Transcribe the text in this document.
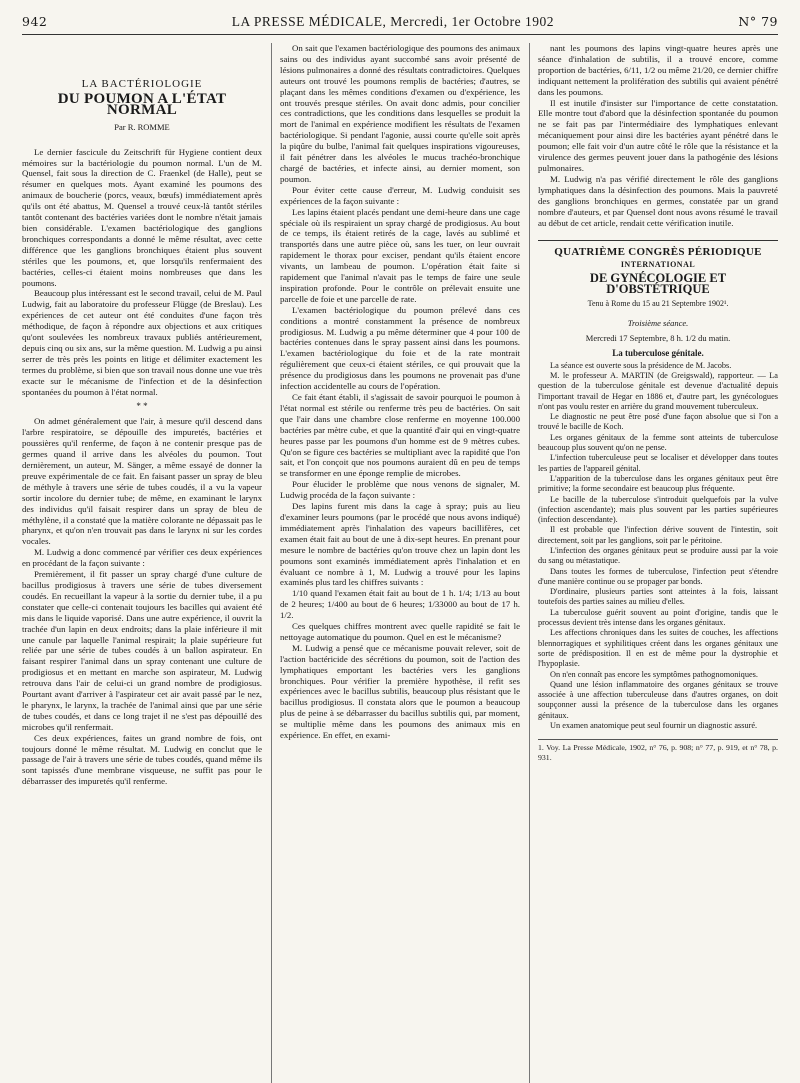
942	LA PRESSE MÉDICALE, Mercredi, 1er Octobre 1902	N° 79
LA BACTÉRIOLOGIE
DU POUMON A L'ÉTAT NORMAL
Par R. ROMME

Le dernier fascicule du Zeitschrift für Hygiene contient deux mémoires sur la bactériologie du poumon normal. L'un de M. Quensel, fait sous la direction de C. Fraenkel (de Halle), peut se résumer en quelques mots. Ayant examiné les poumons des animaux de boucherie (porcs, veaux, bœufs) immédiatement après qu'ils ont été abattus, M. Quensel a trouvé ceux-là tantôt stériles tantôt contenant des bactéries variées dont le nombre n'était jamais bien considérable. L'examen bactériologique des ganglions bronchiques correspondants a donné le même résultat, avec cette différence que les ganglions bronchiques étaient plus souvent stériles que les poumons, et, que lorsqu'ils renfermaient des bactéries, celles-ci étaient moins nombreuses que dans les poumons.

Beaucoup plus intéressant est le second travail, celui de M. Paul Ludwig, fait au laboratoire du professeur Flügge (de Breslau). Les expériences de cet auteur ont été conduites d'une façon très méthodique, de façon à répondre aux objections et aux critiques qu'ont soulevées les nombreux travaux publiés antérieurement, depuis cinq ou six ans, sur la même question. M. Ludwig a pu ainsi serrer de très près les points en litige et délimiter exactement les termes du problème, si bien que son travail nous donne une vue très exacte sur le mécanisme de l'infection et de la désinfection spontanées du poumon à l'état normal.

* *

On admet généralement que l'air, à mesure qu'il descend dans l'arbre respiratoire, se dépouille des impuretés, bactéries et poussières qu'il renferme, de façon à ne contenir presque pas de germes quand il arrive dans les alvéoles du poumon. Tout dernièrement, un auteur, M. Sänger, a même essayé de donner la preuve expérimentale de ce fait. En faisant passer un spray de bleu de méthyle à travers une série de tubes coudés, il a vu la vapeur sortir incolore du dernier tube; de même, en examinant le larynx des individus qu'il faisait respirer dans un spray de bleu de méthylène, il a constaté que la matière colorante ne dépassait pas le pharynx, et qu'on n'en trouvait pas dans le larynx ni sur les cordes vocales.

M. Ludwig a donc commencé par vérifier ces deux expériences en procédant de la façon suivante :

Premièrement, il fit passer un spray chargé d'une culture de bacillus prodigiosus à travers une série de tubes diversement coudés. En recueillant la vapeur à la sortie du dernier tube, il a pu constater que celle-ci contenait toujours les bacilles qui avaient été mis dans le liquide vaporisé. Dans une autre expérience, il ouvrit la trachée d'un lapin en deux endroits; dans la plaie inférieure il mit une canule par laquelle l'animal respirait; la plaie supérieure fut reliée par une série de tubes coudés à un ballon aspirateur. En faisant respirer l'animal dans un spray contenant une culture de prodigiosus et en mettant en marche son aspirateur, M. Ludwig retrouva dans l'air de celui-ci un grand nombre de prodigiosus. Pourtant avant d'arriver à l'aspirateur cet air avait passé par le nez, le pharynx, le larynx, la trachée de l'animal ainsi que par une série de tubes coudés, et dans ce long trajet il ne s'est pas dépouillé des microbes qu'il renfermait.

Ces deux expériences, faites un grand nombre de fois, ont toujours donné le même résultat. M. Ludwig en conclut que le passage de l'air à travers une série de tubes coudés, quand même ils sont tapissés d'une membrane visqueuse, ne suffit pas pour le débarrasser des impuretés qu'il renferme.

On sait que l'examen bactériologique des poumons des animaux sains ou des individus ayant succombé sans avoir présenté de lésions pulmonaires a donné des résultats contradictoires. Quelques auteurs ont trouvé les poumons remplis de bactéries; d'autres, se plaçant dans les mêmes conditions d'examen ou d'expérience, les ont trouvés presque stériles. On avait donc admis, pour concilier ces contradictions, que les conditions dans lesquelles se produit la mort de l'animal en expérience modifient les résultats de l'examen bactériologique. Si pendant l'agonie, aussi courte qu'elle soit après la piqûre du bulbe, l'animal fait quelques inspirations vigoureuses, il fait pénétrer dans les alvéoles le mucus trachéo-bronchique chargé de bactéries, et infecte ainsi, au dernier moment, son poumon.

Pour éviter cette cause d'erreur, M. Ludwig conduisit ses expériences de la façon suivante :

Les lapins étaient placés pendant une demi-heure dans une cage spéciale où ils respiraient un spray chargé de prodigiosus. Au bout de ce temps, ils étaient retirés de la cage, lavés au sublimé et transportés dans une autre pièce où, sans les tuer, on leur ouvrait rapidement le thorax pour exciser, pendant qu'ils étaient encore vivants, un lambeau de poumon. L'opération était faite si rapidement que l'animal n'avait pas le temps de faire une seule inspiration profonde. Pour le contrôle on prélevait ensuite une parcelle de foie et une parcelle de rate.

L'examen bactériologique du poumon prélevé dans ces conditions a montré constamment la présence de nombreux prodigiosus. M. Ludwig a pu même déterminer que 4 pour 100 de bactéries contenues dans le spray passent ainsi dans les poumons. L'examen bactériologique du foie et de la rate montrait régulièrement que ceux-ci étaient stériles, ce qui prouvait que la présence du prodigiosus dans les poumons ne provenait pas d'une infection accidentelle au cours de l'opération.

Ce fait étant établi, il s'agissait de savoir pourquoi le poumon à l'état normal est stérile ou renferme très peu de bactéries. On sait que l'air dans une chambre close renferme en moyenne 100.000 bactéries par mètre cube, et que la quantité d'air qui en vingt-quatre heures passe par les poumons d'un homme est de 9 mètres cubes. Qu'on se figure ces bactéries se multipliant avec la rapidité que l'on sait, et l'on conçoit que nos poumons auraient dû en peu de temps se transformer en une éponge remplie de microbes.

Pour élucider le problème que nous venons de signaler, M. Ludwig procéda de la façon suivante :

Des lapins furent mis dans la cage à spray; puis au lieu d'examiner leurs poumons (par le procédé que nous avons indiqué) immédiatement après l'inhalation des vapeurs bacillifères, cet examen était fait au bout de une à dix-sept heures. En prenant pour mesure le nombre de bactéries qu'on trouve chez un lapin dont les poumons sont examinés immédiatement après l'inhalation et en évaluant ce nombre à 1, M. Ludwig a trouvé pour les lapins examinés plus tard les chiffres suivants :

1/10 quand l'examen était fait au bout de 1 h. 1/4; 1/13 au bout de 2 heures; 1/400 au bout de 6 heures; 1/33000 au bout de 17 h. 1/2.

Ces quelques chiffres montrent avec quelle rapidité se fait le nettoyage automatique du poumon. Quel en est le mécanisme?

M. Ludwig a pensé que ce mécanisme pouvait relever, soit de l'action bactéricide des sécrétions du poumon, soit de l'action des lymphatiques emportant les bactéries vers les ganglions bronchiques. Pour vérifier la première hypothèse, il refit ses expériences avec le bacillus subtilis, beaucoup plus résistant que le bacillus prodigiosus. Il constata alors que le poumon a beaucoup plus de peine à se débarrasser du bacillus subtilis qui, par moment, se multiplie même dans les poumons des animaux mis en expérience. En effet, en exami-

nant les poumons des lapins vingt-quatre heures après une séance d'inhalation de subtilis, il a trouvé encore, comme proportion de bactéries, 6/11, 1/2 ou même 21/20, ce dernier chiffre indiquant nettement la prolifération des subtilis qui avaient pénétré dans les poumons.

Il est inutile d'insister sur l'importance de cette constatation. Elle montre tout d'abord que la désinfection spontanée du poumon ne se fait pas par l'intermédiaire des lymphatiques enlevant mécaniquement pour ainsi dire les bactéries ayant pénétré dans le poumon; elle fait voir d'un autre côté le rôle que la résistance et la virulence des germes peuvent jouer dans la pathogénie des lésions pulmonaires.

M. Ludwig n'a pas vérifié directement le rôle des ganglions lymphatiques dans la désinfection des poumons. Mais la pauvreté des ganglions bronchiques en germes, constatée par un grand nombre d'auteurs, et par Quensel dont nous avons résumé le travail au début de cet article, rendait cette vérification inutile.

QUATRIÈME CONGRÈS PÉRIODIQUE
INTERNATIONAL
DE GYNÉCOLOGIE ET D'OBSTÉTRIQUE
Tenu à Rome du 15 au 21 Septembre 1902¹.
Troisième séance.
Mercredi 17 Septembre, 8 h. 1/2 du matin.
La tuberculose génitale.

La séance est ouverte sous la présidence de M. Jacobs.

M. le professeur A. MARTIN (de Greigswald), rapporteur. — La question de la tuberculose génitale est devenue d'actualité depuis l'important travail de Hegar en 1886 et, d'autre part, les gynécologues n'ont pas voulu rester en arrière du grand mouvement tuberculeux.

Le diagnostic ne peut être posé d'une façon absolue que si l'on a trouvé le bacille de Koch.

Les organes génitaux de la femme sont atteints de tuberculose beaucoup plus souvent qu'on ne pense.

L'infection tuberculeuse peut se localiser et développer dans toutes les parties de l'appareil génital.

L'apparition de la tuberculose dans les organes génitaux peut être primitive; la forme secondaire est beaucoup plus fréquente.

Le bacille de la tuberculose s'introduit quelquefois par la vulve (infection ascendante); mais plus souvent par les parties supérieures (infection descendante).

Il est probable que l'infection dérive souvent de l'intestin, soit directement, soit par les ganglions, soit par le péritoine.

L'infection des organes génitaux peut se produire aussi par la voie du sang ou métastatique.

Dans toutes les formes de tuberculose, l'infection peut s'étendre d'une manière continue ou se propager par bonds.

D'ordinaire, plusieurs parties sont atteintes à la fois, laissant toutefois des parties saines au milieu d'elles.

La tuberculose guérit souvent au point d'origine, tandis que le processus devient très intense dans les organes génitaux.

Les affections chroniques dans les suites de couches, les affections blennorragiques et syphilitiques créent dans les organes génitaux une sorte de prédisposition. Il en est de même pour la dystrophie et l'hypoplasie.

On n'en connaît pas encore les symptômes pathognomoniques.

Quand une lésion inflammatoire des organes génitaux se trouve associée à une affection tuberculeuse dans d'autres organes, on doit soupçonner aussi la présence de la tuberculose dans les organes génitaux.

Un examen anatomique peut seul fournir un diagnostic assuré.

1. Voy. La Presse Médicale, 1902, n° 76, p. 908; n° 77, p. 919, et n° 78, p. 931.
